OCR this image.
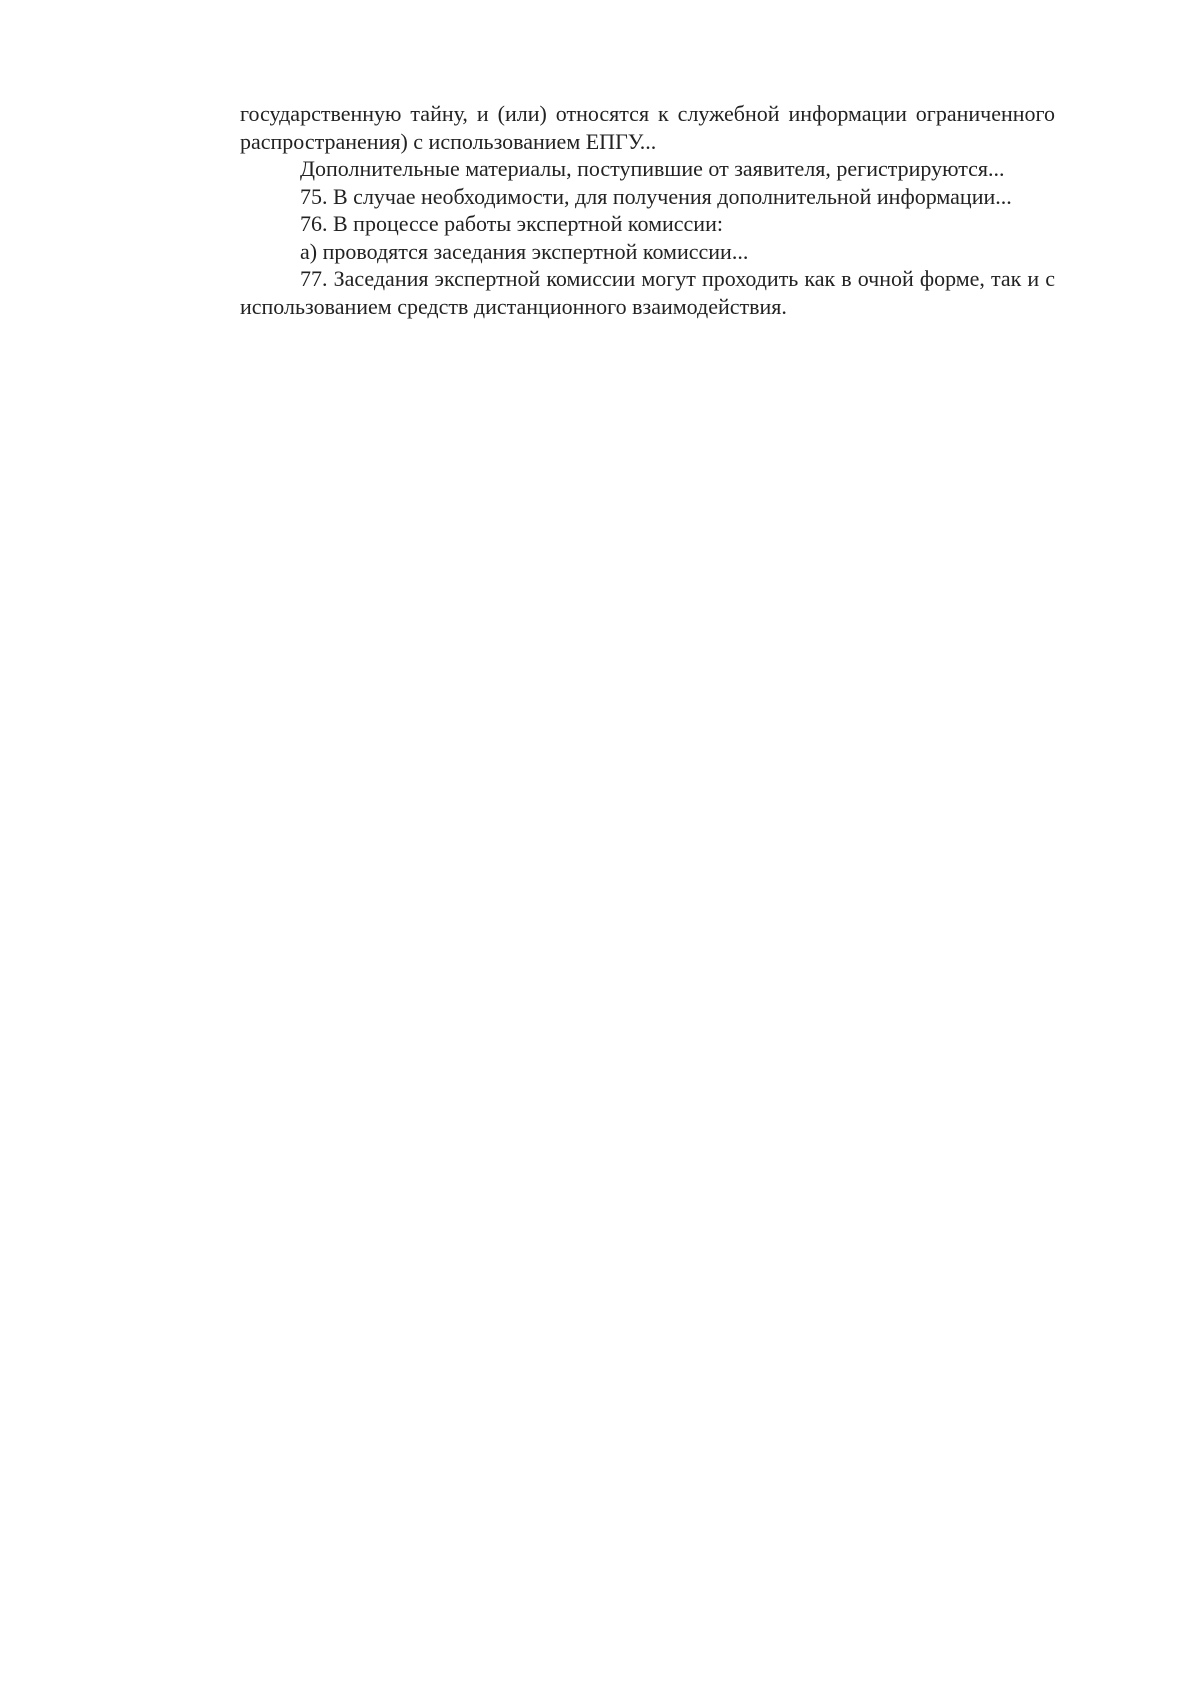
государственную тайну, и (или) относятся к служебной информации ограниченного распространения) с использованием ЕПГУ...

Дополнительные материалы, поступившие от заявителя, регистрируются...

75. В случае необходимости, для получения дополнительной информации...

76. В процессе работы экспертной комиссии:

а) проводятся заседания экспертной комиссии...

77. Заседания экспертной комиссии могут проходить как в очной форме, так и с использованием средств дистанционного взаимодействия.
